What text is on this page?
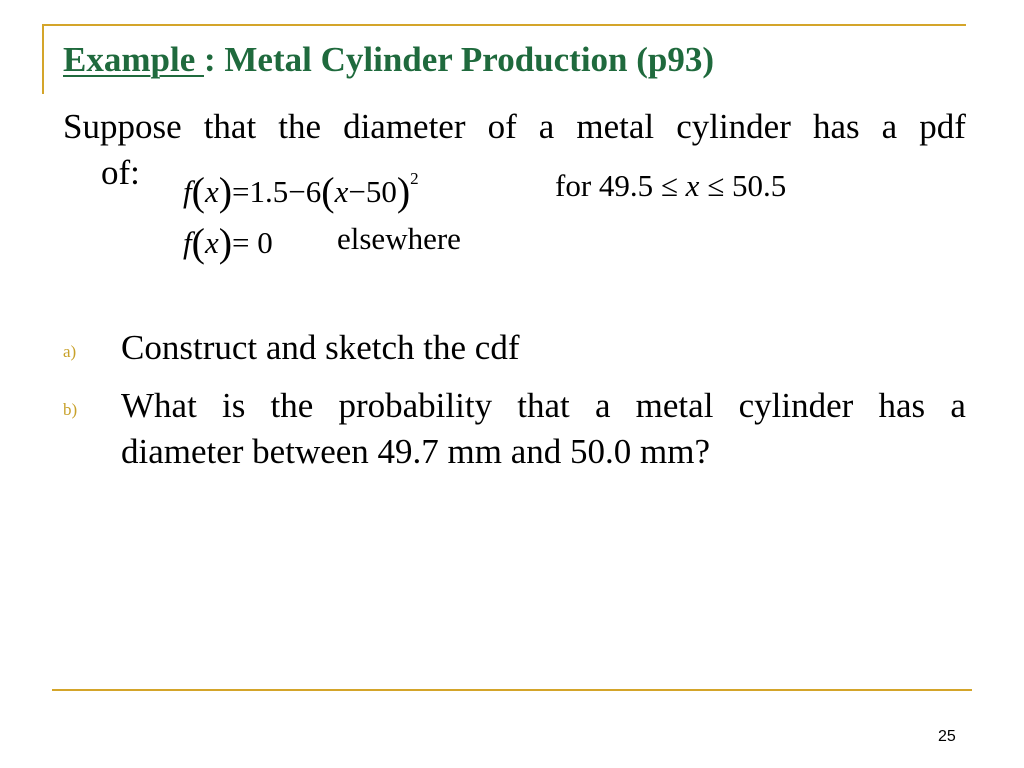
Example : Metal Cylinder Production (p93)
Suppose that the diameter of a metal cylinder has a pdf
of:	$f(x)=1.5-6(x-50)^2$	for 49.5 ≤ x ≤ 50.5
f(x)= 0 elsewhere
a) Construct and sketch the cdf
b) What is the probability that a metal cylinder has a
diameter between 49.7 mm and 50.0 mm?
25
